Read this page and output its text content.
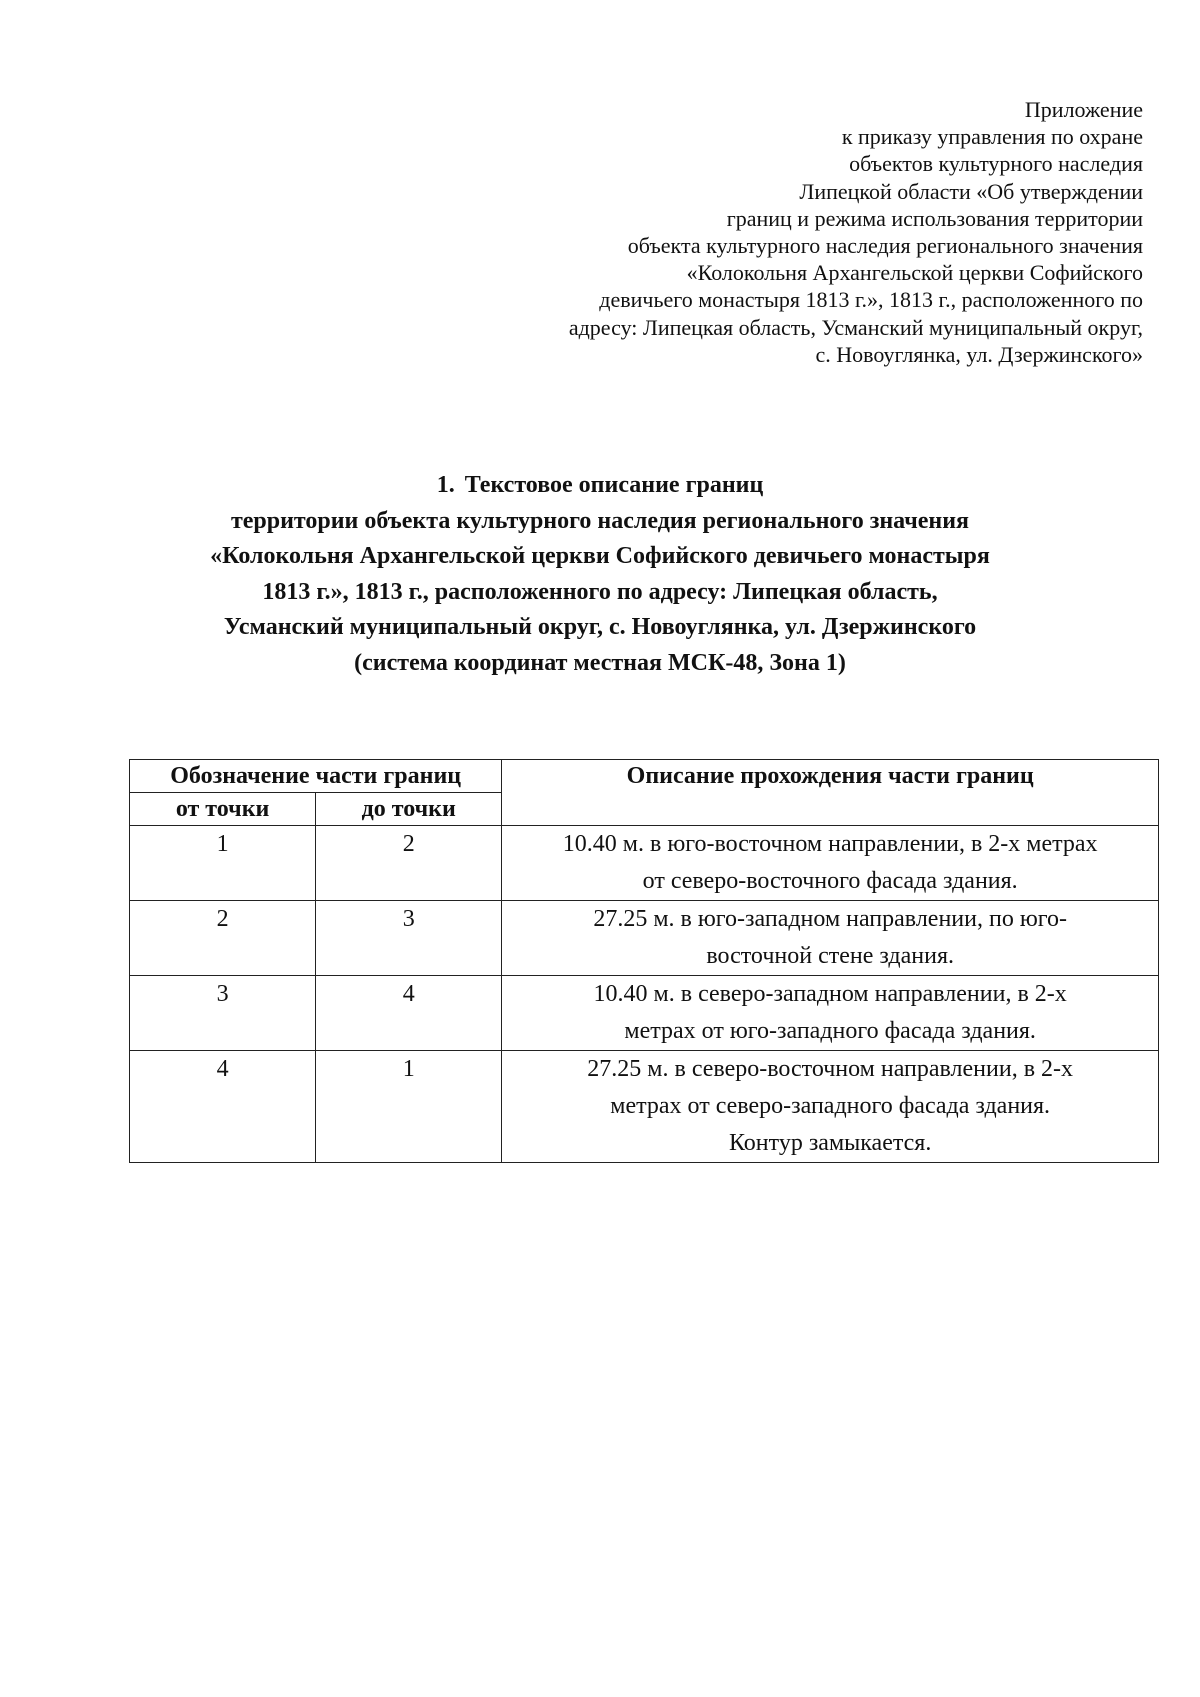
Приложение
к приказу управления по охране
объектов культурного наследия
Липецкой области «Об утверждении
границ и режима использования территории
объекта культурного наследия регионального значения
«Колокольня Архангельской церкви Софийского
девичьего монастыря 1813 г.», 1813 г., расположенного по
адресу: Липецкая область, Усманский муниципальный округ,
с. Новоуглянка, ул. Дзержинского»
1. Текстовое описание границ
территории объекта культурного наследия регионального значения
«Колокольня Архангельской церкви Софийского девичьего монастыря
1813 г.», 1813 г., расположенного по адресу: Липецкая область,
Усманский муниципальный округ, с. Новоуглянка, ул. Дзержинского
(система координат местная МСК-48, Зона 1)
Обозначение части границ		Описание прохождения части границ
от точки	до точки	
1	2	10.40 м. в юго-восточном направлении, в 2-х метрах
от северо-восточного фасада здания.

2	3	27.25 м. в юго-западном направлении, по юго-
восточной стене здания.

3	4	10.40 м. в северо-западном направлении, в 2-х
метрах от юго-западного фасада здания.

4	1	27.25 м. в северо-восточном направлении, в 2-х
метрах от северо-западного фасада здания.
Контур замыкается.
